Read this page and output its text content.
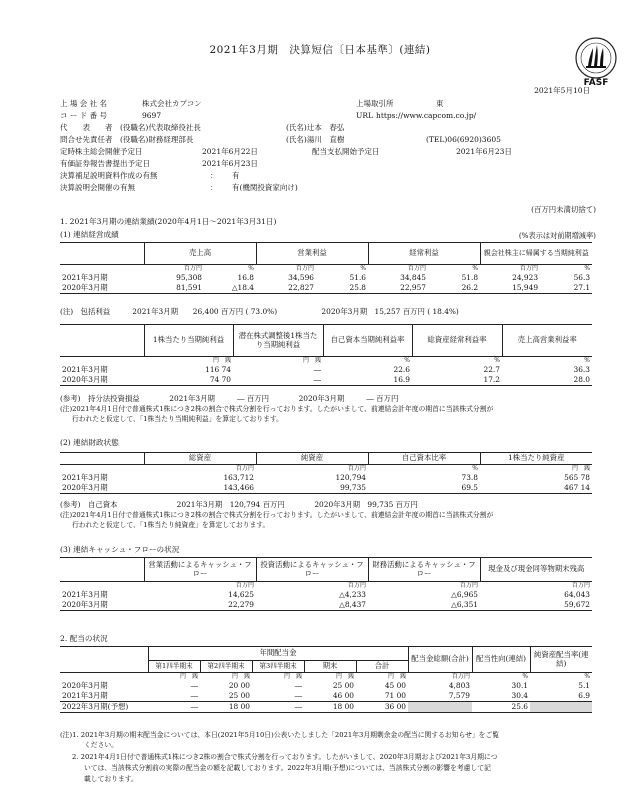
FASF
2021年3月期　決算短信〔日本基準〕(連結)
2021年5月10日
上 場 会 社 名	株式会社カプコン	上場取引所	東
コ ー ド 番 号	9697	URL https://www.capcom.co.jp/
代　　表　　者 (役職名)代表取締役社長	(氏名)辻本　春弘
問合せ先責任者 (役職名)財務経理部長	(氏名)湯川　直樹	(TEL)06(6920)3605
定時株主総会開催予定日	2021年6月22日	配当支払開始予定日	2021年6月23日
有価証券報告書提出予定日	2021年6月23日
決算補足説明資料作成の有無	： 有
決算説明会開催の有無	： 有(機関投資家向け)
(百万円未満切捨て)
1. 2021年3月期の連結業績(2020年4月1日～2021年3月31日)
(1) 連結経営成績	(%表示は対前期増減率)
	売上高		営業利益		経常利益		親会社株主に帰属する当期純利益	
	百万円	%	百万円	%	百万円	%	百万円	%
2021年3月期	95,308	16.8	34,596	51.6	34,845	51.8	24,923	56.3
2020年3月期	81,591	△18.4	22,827	25.8	22,957	26.2	15,949	27.1
(注)　包括利益　　　2021年3月期　　26,400 百万円 ( 73.0%)　　　　　　2020年3月期　15,257 百万円 ( 18.4%)
	1株当たり当期純利益	潜在株式調整後1株当たり当期純利益	自己資本当期純利益率	総資産経常利益率	売上高営業利益率
	円　銭	円　銭	%	%	%
2021年3月期	116 74	―	22.6	22.7	36.3
2020年3月期	74 70	―	16.9	17.2	28.0
(参考)　持分法投資損益　　　　2021年3月期　　　― 百万円　　　　2020年3月期　　　― 百万円
(注)2021年4月1日付で普通株式1株につき2株の割合で株式分割を行っております。したがいまして、前連結会計年度の期首に当該株式分割が
行われたと仮定して、「1株当たり当期純利益」を算定しております。
(2) 連結財政状態
	総資産	純資産	自己資本比率	1株当たり純資産
	百万円	百万円	%	円　銭
2021年3月期	163,712	120,794	73.8	565 78
2020年3月期	143,466	99,735	69.5	467 14
(参考)　自己資本　　　　　　　　2021年3月期　120,794 百万円　　　　2020年3月期　99,735 百万円
(注)2021年4月1日付で普通株式1株につき2株の割合で株式分割を行っております。したがいまして、前連結会計年度の期首に当該株式分割が
行われたと仮定して、「1株当たり純資産」を算定しております。
(3) 連結キャッシュ・フローの状況
	営業活動によるキャッシュ・フロー	投資活動によるキャッシュ・フロー	財務活動によるキャッシュ・フロー	現金及び現金同等物期末残高
	百万円	百万円	百万円	百万円
2021年3月期	14,625	△4,233	△6,965	64,043
2020年3月期	22,279	△8,437	△6,351	59,672
2. 配当の状況
	年間配当金					配当金総額(合計)	配当性向(連結)	純資産配当率(連結)
	第1四半期末	第2四半期末	第3四半期末	期末	合計			
	円　銭	円　銭	円　銭	円　銭	円　銭	百万円	%	%
2020年3月期	―	20 00	―	25 00	45 00	4,803	30.1	5.1
2021年3月期	―	25 00	―	46 00	71 00	7,579	30.4	6.9
2022年3月期(予想)	―	18 00	―	18 00	36 00		25.6	
(注)1. 2021年3月期の期末配当金については、本日(2021年5月10日)公表いたしました「2021年3月期剰余金の配当に関するお知らせ」をご覧
ください。
2. 2021年4月1日付で普通株式1株につき2株の割合で株式分割を行っております。したがいまして、2020年3月期および2021年3月期につ
いては、当該株式分割前の実際の配当金の額を記載しております。2022年3月期(予想)については、当該株式分割の影響を考慮して記
載しております。
